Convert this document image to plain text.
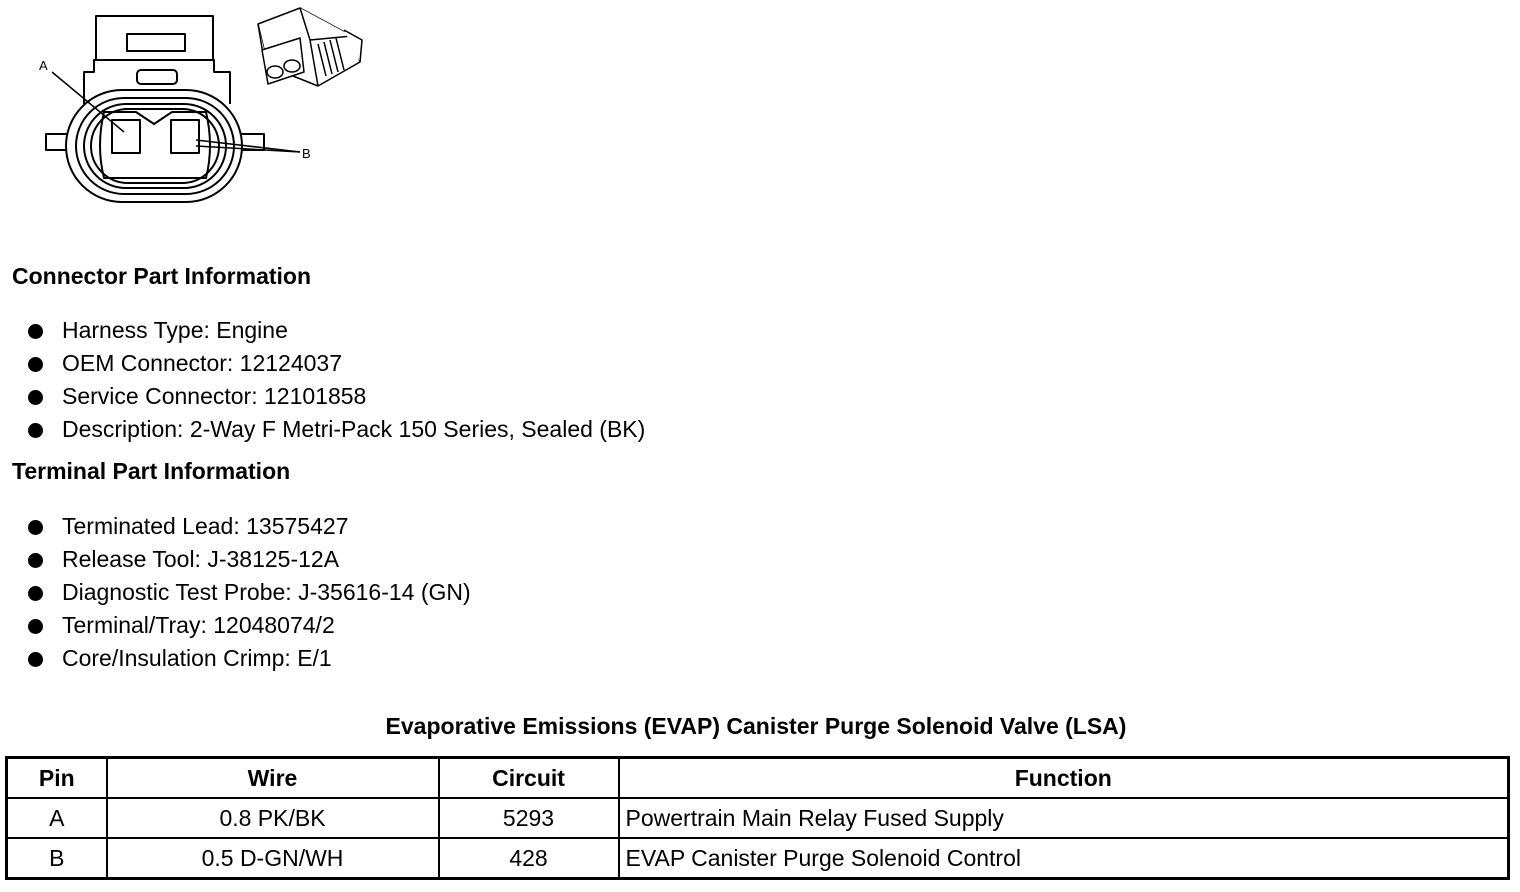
A
B
Connector Part Information
Harness Type: Engine
OEM Connector: 12124037
Service Connector: 12101858
Description: 2-Way F Metri-Pack 150 Series, Sealed (BK)
Terminal Part Information
Terminated Lead: 13575427
Release Tool: J-38125-12A
Diagnostic Test Probe: J-35616-14 (GN)
Terminal/Tray: 12048074/2
Core/Insulation Crimp: E/1
Evaporative Emissions (EVAP) Canister Purge Solenoid Valve (LSA)
Pin	Wire	Circuit	Function
A	0.8 PK/BK	5293	Powertrain Main Relay Fused Supply
B	0.5 D-GN/WH	428	EVAP Canister Purge Solenoid Control
